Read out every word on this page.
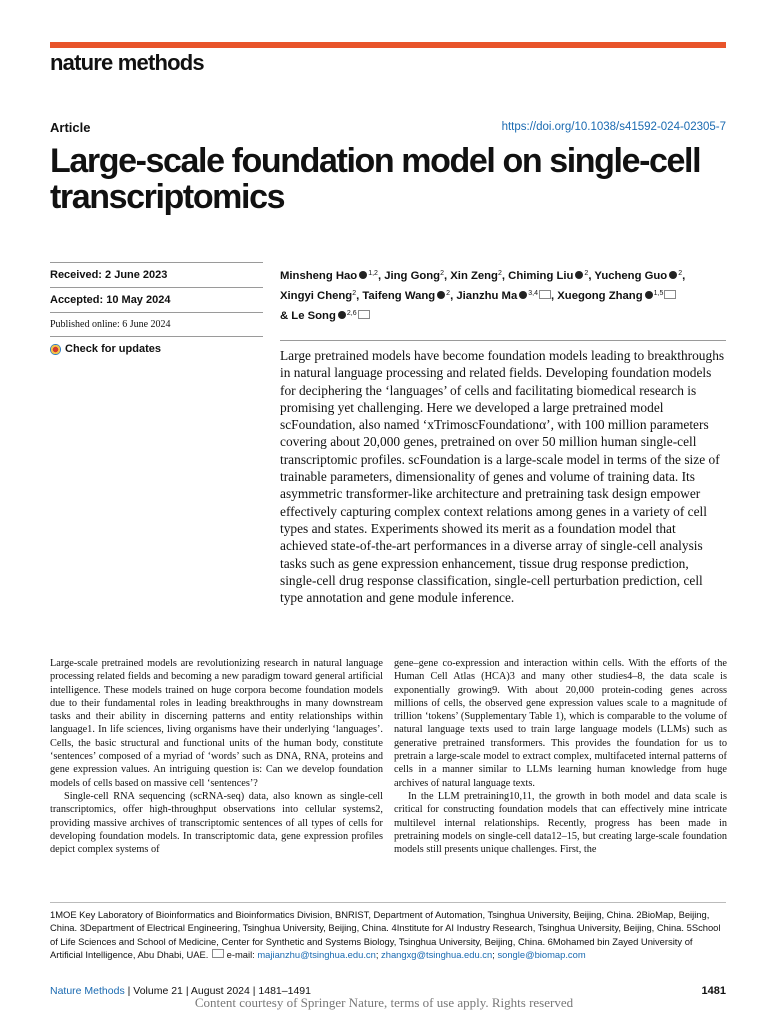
nature methods
Article	https://doi.org/10.1038/s41592-024-02305-7
Large-scale foundation model on single-cell transcriptomics
Received: 2 June 2023
Accepted: 10 May 2024
Published online: 6 June 2024
Check for updates
Minsheng Hao $^{1,2}$, Jing Gong$^2$, Xin Zeng$^2$, Chiming Liu $^2$, Yucheng Guo $^2$, Xingyi Cheng$^2$, Taifeng Wang $^2$, Jianzhu Ma $^{3,4}$ , Xuegong Zhang $^{1,5}$ & Le Song $^{2,6}$

Large pretrained models have become foundation models leading to breakthroughs in natural language processing and related fields. Developing foundation models for deciphering the ‘languages’ of cells and facilitating biomedical research is promising yet challenging. Here we developed a large pretrained model scFoundation, also named ‘xTrimoscFoundationα’, with 100 million parameters covering about 20,000 genes, pretrained on over 50 million human single-cell transcriptomic profiles. scFoundation is a large-scale model in terms of the size of trainable parameters, dimensionality of genes and volume of training data. Its asymmetric transformer-like architecture and pretraining task design empower effectively capturing complex context relations among genes in a variety of cell types and states. Experiments showed its merit as a foundation model that achieved state-of-the-art performances in a diverse array of single-cell analysis tasks such as gene expression enhancement, tissue drug response prediction, single-cell drug response classification, single-cell perturbation prediction, cell type annotation and gene module inference.

Large-scale pretrained models are revolutionizing research in natural language processing related fields and becoming a new paradigm toward general artificial intelligence. These models trained on huge corpora become foundation models due to their fundamental roles in leading breakthroughs in many downstream tasks and their ability in discerning patterns and entity relationships within language1. In life sciences, living organisms have their underlying ‘languages’. Cells, the basic structural and functional units of the human body, constitute ‘sentences’ composed of a myriad of ‘words’ such as DNA, RNA, proteins and gene expression values. An intriguing question is: Can we develop foundation models of cells based on massive cell ‘sentences’?

Single-cell RNA sequencing (scRNA-seq) data, also known as single-cell transcriptomics, offer high-throughput observations into cellular systems2, providing massive archives of transcriptomic sentences of all types of cells for developing foundation models. In transcriptomic data, gene expression profiles depict complex systems of

gene–gene co-expression and interaction within cells. With the efforts of the Human Cell Atlas (HCA)3 and many other studies4–8, the data scale is exponentially growing9. With about 20,000 protein-coding genes across millions of cells, the observed gene expression values scale to a magnitude of trillion ‘tokens’ (Supplementary Table 1), which is comparable to the volume of natural language texts used to train large language models (LLMs) such as generative pretrained transformers. This provides the foundation for us to pretrain a large-scale model to extract complex, multifaceted internal patterns of cells in a manner similar to LLMs learning human knowledge from huge archives of natural language texts.

In the LLM pretraining10,11, the growth in both model and data scale is critical for constructing foundation models that can effectively mine intricate multilevel internal relationships. Recently, progress has been made in pretraining models on single-cell data12–15, but creating large-scale foundation models still presents unique challenges. First, the

1MOE Key Laboratory of Bioinformatics and Bioinformatics Division, BNRIST, Department of Automation, Tsinghua University, Beijing, China. 2BioMap, Beijing, China. 3Department of Electrical Engineering, Tsinghua University, Beijing, China. 4Institute for AI Industry Research, Tsinghua University, Beijing, China. 5School of Life Sciences and School of Medicine, Center for Synthetic and Systems Biology, Tsinghua University, Beijing, China. 6Mohamed bin Zayed University of Artificial Intelligence, Abu Dhabi, UAE.  e-mail: majianzhu@tsinghua.edu.cn; zhangxg@tsinghua.edu.cn; songle@biomap.com

Nature Methods | Volume 21 | August 2024 | 1481–1491	1481
Content courtesy of Springer Nature, terms of use apply. Rights reserved
